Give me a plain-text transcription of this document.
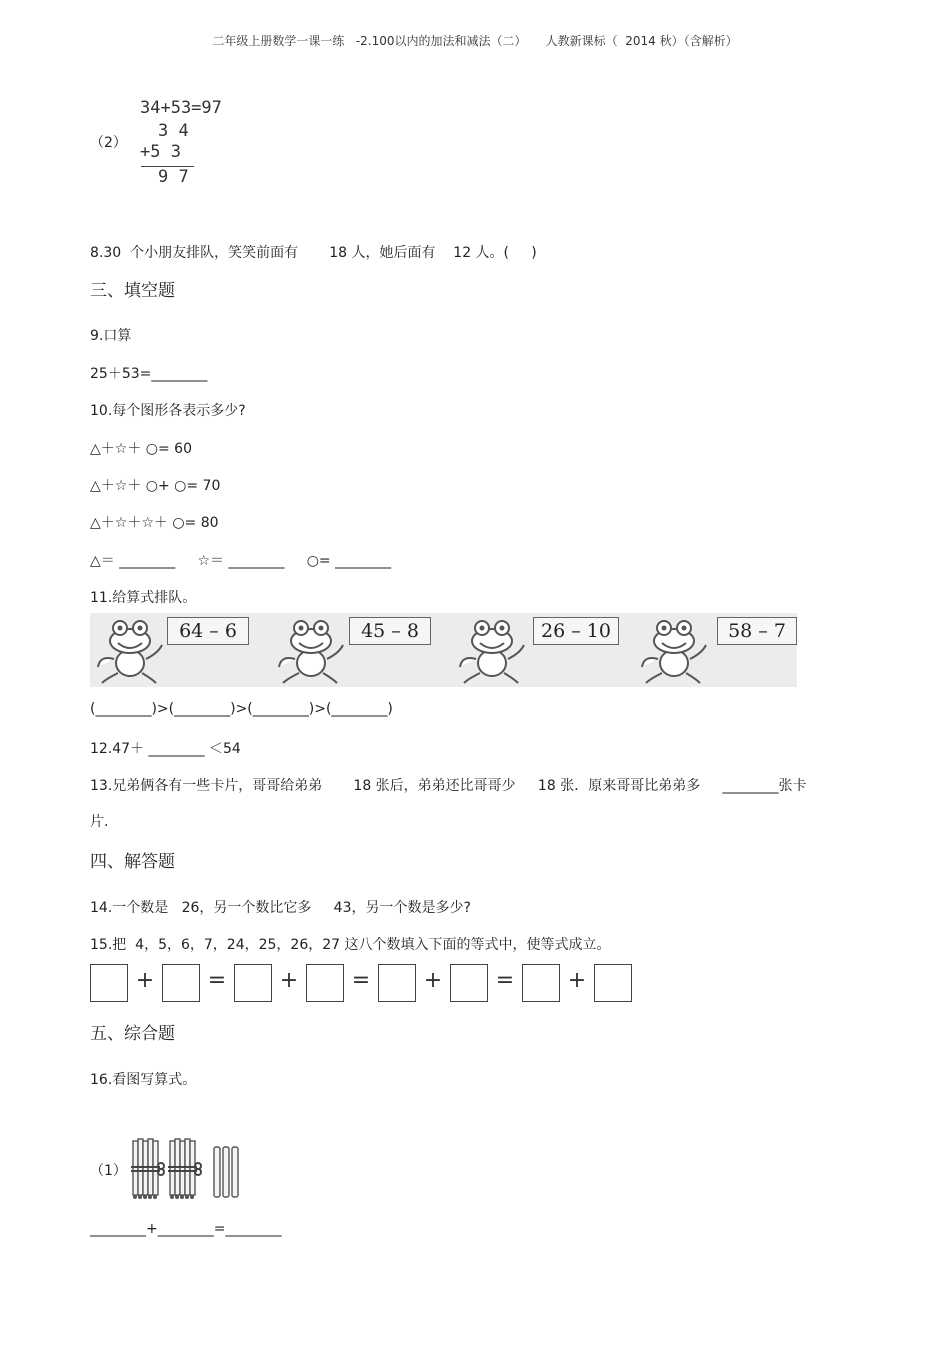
二年级上册数学一课一练   -2.100以内的加法和减法（二）     人教新课标（  2014 秋）（含解析）
（2）
34+53=97
3 4
+5 3
9 7
8.30  个小朋友排队，笑笑前面有       18 人，她后面有    12 人。(     )
三、填空题
9.口算
25＋53=________
10.每个图形各表示多少?
△＋☆＋ ○= 60
△＋☆＋ ○+ ○= 70
△＋☆＋☆＋ ○= 80
△＝ ________     ☆＝ ________     ○= ________
11.给算式排队。
64 – 6	45 – 8	26 – 10	58 – 7
(________)>(________)>(________)>(________)
12.47＋ ________ ＜54
13.兄弟俩各有一些卡片，哥哥给弟弟       18 张后，弟弟还比哥哥少     18 张．原来哥哥比弟弟多     ________张卡
片.
四、解答题
14.一个数是   26，另一个数比它多     43，另一个数是多少?
15.把  4，5，6，7，24，25，26，27 这八个数填入下面的等式中，使等式成立。
+ = + = + = +
五、综合题
16.看图写算式。
（1）
________+________=________
